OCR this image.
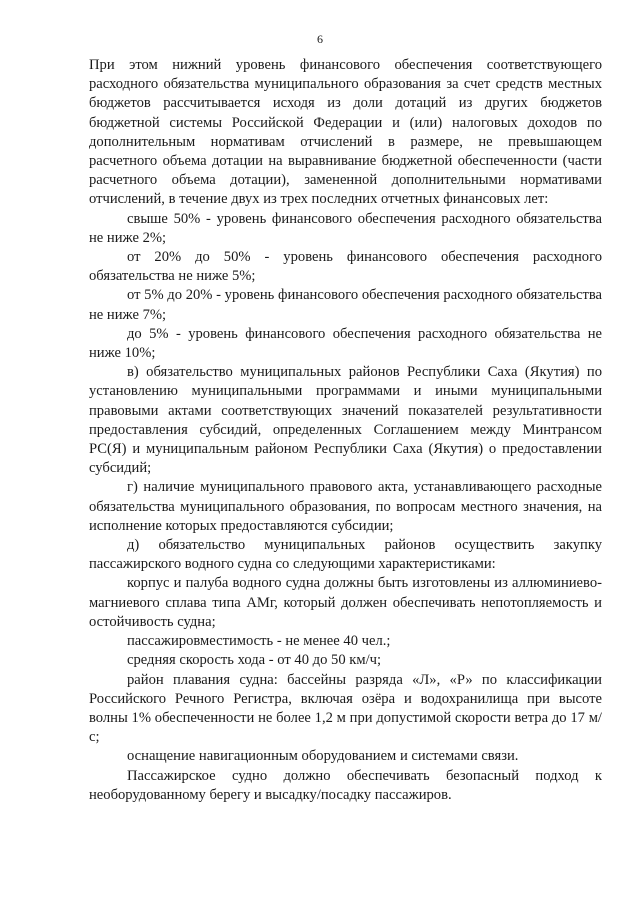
6

При этом нижний уровень финансового обеспечения соответствующего расходного обязательства муниципального образования за счет средств местных бюджетов рассчитывается исходя из доли дотаций из других бюджетов бюджетной системы Российской Федерации и (или) налоговых доходов по дополнительным нормативам отчислений в размере, не превышающем расчетного объема дотации на выравнивание бюджетной обеспеченности (части расчетного объема дотации), замененной дополнительными нормативами отчислений, в течение двух из трех последних отчетных финансовых лет:

свыше 50% - уровень финансового обеспечения расходного обязательства не ниже 2%;

от 20% до 50% - уровень финансового обеспечения расходного обязательства не ниже 5%;

от 5% до 20% - уровень финансового обеспечения расходного обязательства не ниже 7%;

до 5% - уровень финансового обеспечения расходного обязательства не ниже 10%;

в) обязательство муниципальных районов Республики Саха (Якутия) по установлению муниципальными программами и иными муниципальными правовыми актами соответствующих значений показателей результативности предоставления субсидий, определенных Соглашением между Минтрансом РС(Я) и муниципальным районом Республики Саха (Якутия) о предоставлении субсидий;

г) наличие муниципального правового акта, устанавливающего расходные обязательства муниципального образования, по вопросам местного значения, на исполнение которых предоставляются субсидии;

д) обязательство муниципальных районов осуществить закупку пассажирского водного судна со следующими характеристиками:

корпус и палуба водного судна должны быть изготовлены из аллюминиево-магниевого сплава типа АМг, который должен обеспечивать непотопляемость и остойчивость судна;

пассажировместимость - не менее 40 чел.;

средняя скорость хода - от 40 до 50 км/ч;

район плавания судна: бассейны разряда «Л», «Р» по классификации Российского Речного Регистра, включая озёра и водохранилища при высоте волны 1% обеспеченности не более 1,2 м при допустимой скорости ветра до 17 м/с;

оснащение навигационным оборудованием и системами связи.

Пассажирское судно должно обеспечивать безопасный подход к необорудованному берегу и высадку/посадку пассажиров.
